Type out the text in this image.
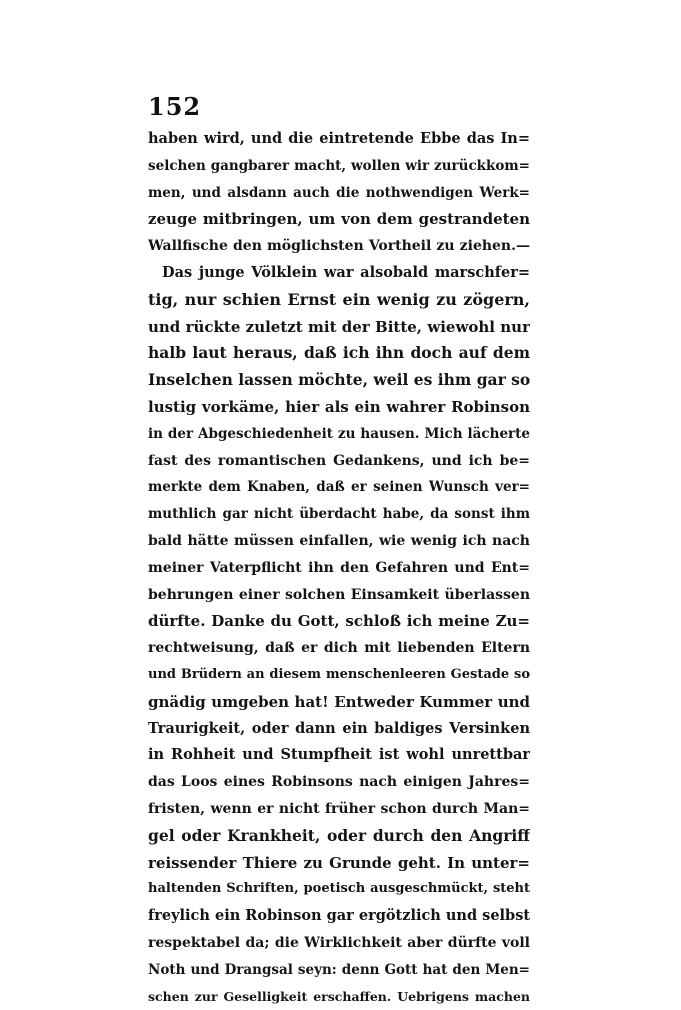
152
haben wird, und die eintretende Ebbe das In=
selchen gangbarer macht, wollen wir zurückkom=
men, und alsdann auch die nothwendigen Werk=
zeuge mitbringen, um von dem gestrandeten
Wallfische den möglichsten Vortheil zu ziehen.—
Das junge Völklein war alsobald marschfer=
tig, nur schien Ernst ein wenig zu zögern,
und rückte zuletzt mit der Bitte, wiewohl nur
halb laut heraus, daß ich ihn doch auf dem
Inselchen lassen möchte, weil es ihm gar so
lustig vorkäme, hier als ein wahrer Robinson
in der Abgeschiedenheit zu hausen. Mich lächerte
fast des romantischen Gedankens, und ich be=
merkte dem Knaben, daß er seinen Wunsch ver=
muthlich gar nicht überdacht habe, da sonst ihm
bald hätte müssen einfallen, wie wenig ich nach
meiner Vaterpflicht ihn den Gefahren und Ent=
behrungen einer solchen Einsamkeit überlassen
dürfte. Danke du Gott, schloß ich meine Zu=
rechtweisung, daß er dich mit liebenden Eltern
und Brüdern an diesem menschenleeren Gestade so
gnädig umgeben hat! Entweder Kummer und
Traurigkeit, oder dann ein baldiges Versinken
in Rohheit und Stumpfheit ist wohl unrettbar
das Loos eines Robinsons nach einigen Jahres=
fristen, wenn er nicht früher schon durch Man=
gel oder Krankheit, oder durch den Angriff
reissender Thiere zu Grunde geht. In unter=
haltenden Schriften, poetisch ausgeschmückt, steht
freylich ein Robinson gar ergötzlich und selbst
respektabel da; die Wirklichkeit aber dürfte voll
Noth und Drangsal seyn: denn Gott hat den Men=
schen zur Geselligkeit erschaffen. Uebrigens machen
